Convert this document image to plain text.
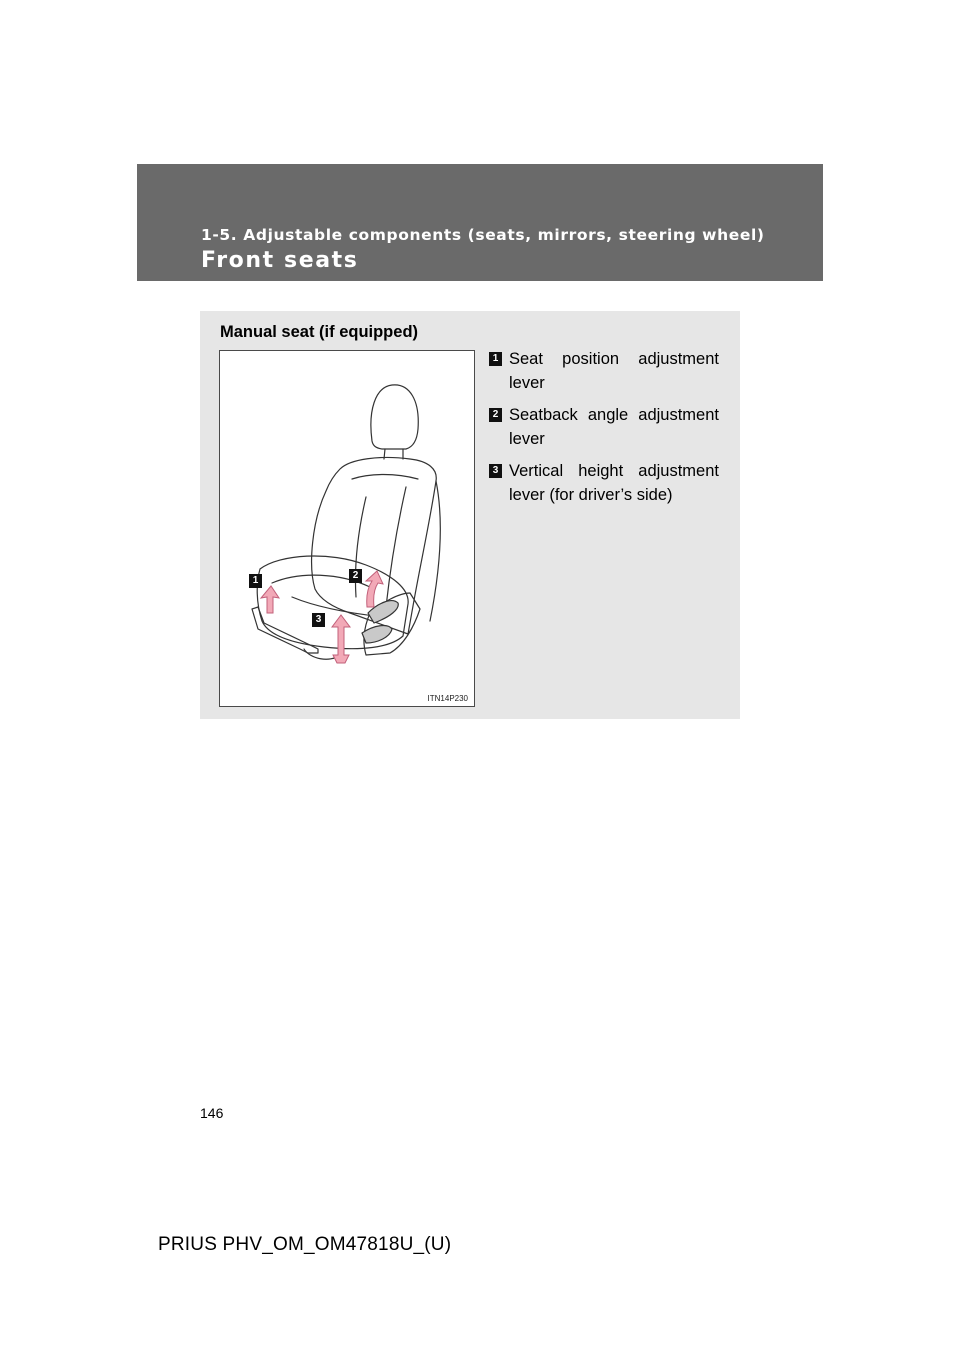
1-5. Adjustable components (seats, mirrors, steering wheel)
Front seats
Manual seat (if equipped)
1	2
3
ITN14P230
1 Seat position adjustment lever
2 Seatback angle adjustment lever
3 Vertical height adjustment lever (for driver’s side)
146
PRIUS PHV_OM_OM47818U_(U)
